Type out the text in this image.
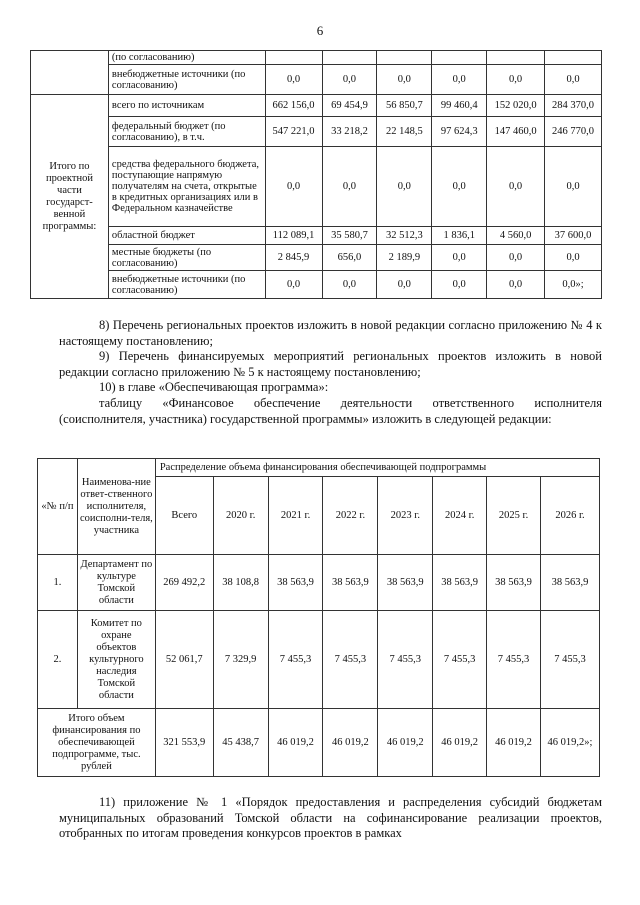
6
	(по согласованию)						
	внебюджетные источники (по согласованию)	0,0	0,0	0,0	0,0	0,0	0,0
Итого по проектной части государст-венной программы:	всего по источникам	662 156,0	69 454,9	56 850,7	99 460,4	152 020,0	284 370,0
	федеральный бюджет (по согласованию), в т.ч.	547 221,0	33 218,2	22 148,5	97 624,3	147 460,0	246 770,0
	средства федерального бюджета, поступающие напрямую получателям на счета, открытые в кредитных организациях или в Федеральном казначействе	0,0	0,0	0,0	0,0	0,0	0,0
	областной бюджет	112 089,1	35 580,7	32 512,3	1 836,1	4 560,0	37 600,0
	местные бюджеты (по согласованию)	2 845,9	656,0	2 189,9	0,0	0,0	0,0
	внебюджетные источники (по согласованию)	0,0	0,0	0,0	0,0	0,0	0,0»;

8) Перечень региональных проектов изложить в новой редакции согласно приложению № 4 к настоящему постановлению;

9) Перечень финансируемых мероприятий региональных проектов изложить в новой редакции согласно приложению № 5 к настоящему постановлению;

10) в главе «Обеспечивающая программа»:

таблицу «Финансовое обеспечение деятельности ответственного исполнителя (соисполнителя, участника) государственной программы» изложить в следующей редакции:

«№ п/п	Наименова-ние ответ-ственного исполнителя, соисполни-теля, участника	Распределение объема финансирования обеспечивающей подпрограммы							
		Всего	2020 г.	2021 г.	2022 г.	2023 г.	2024 г.	2025 г.	2026 г.
1.	Департамент по культуре Томской области	269 492,2	38 108,8	38 563,9	38 563,9	38 563,9	38 563,9	38 563,9	38 563,9
2.	Комитет по охране объектов культурного наследия Томской области	52 061,7	7 329,9	7 455,3	7 455,3	7 455,3	7 455,3	7 455,3	7 455,3
Итого объем финансирования по обеспечивающей подпрограмме, тыс. рублей		321 553,9	45 438,7	46 019,2	46 019,2	46 019,2	46 019,2	46 019,2	46 019,2»;

11) приложение № 1 «Порядок предоставления и распределения субсидий бюджетам муниципальных образований Томской области на софинансирование реализации проектов, отобранных по итогам проведения конкурсов проектов в рамках
